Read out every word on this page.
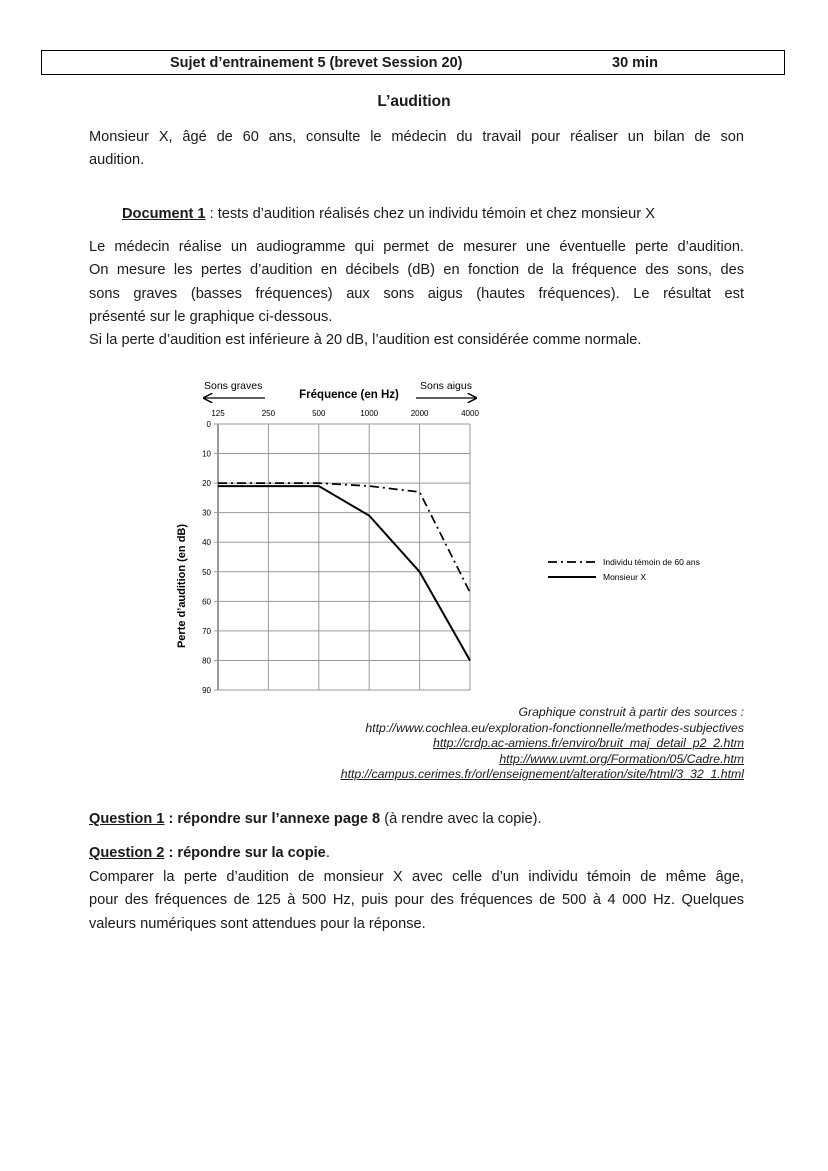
Sujet d’entrainement 5 (brevet Session 20)	30 min
L’audition
Monsieur X, âgé de 60 ans, consulte le médecin du travail pour réaliser un bilan de son
audition.
Document 1 : tests d’audition réalisés chez un individu témoin et chez monsieur X
Le médecin réalise un audiogramme qui permet de mesurer une éventuelle perte d’audition.
On mesure les pertes d’audition en décibels (dB) en fonction de la fréquence des sons, des
sons graves (basses fréquences) aux sons aigus (hautes fréquences). Le résultat est
présenté sur le graphique ci-dessous.
Si la perte d’audition est inférieure à 20 dB, l’audition est considérée comme normale.
Sons graves
Fréquence (en Hz)
Sons aigus
125	250	500	1000	2000	4000
0
10
20
30
40
50
60
70
80
90
Perte d’audition (en dB)	Individu témoin de 60 ans
Monsieur X
Graphique construit à partir des sources :
http://www.cochlea.eu/exploration-fonctionnelle/methodes-subjectives
http://crdp.ac-amiens.fr/enviro/bruit_maj_detail_p2_2.htm
http://www.uvmt.org/Formation/05/Cadre.htm
http://campus.cerimes.fr/orl/enseignement/alteration/site/html/3_32_1.html
Question 1 : répondre sur l’annexe page 8 (à rendre avec la copie).
Question 2 : répondre sur la copie.
Comparer la perte d’audition de monsieur X avec celle d’un individu témoin de même âge,
pour des fréquences de 125 à 500 Hz, puis pour des fréquences de 500 à 4 000 Hz. Quelques
valeurs numériques sont attendues pour la réponse.
